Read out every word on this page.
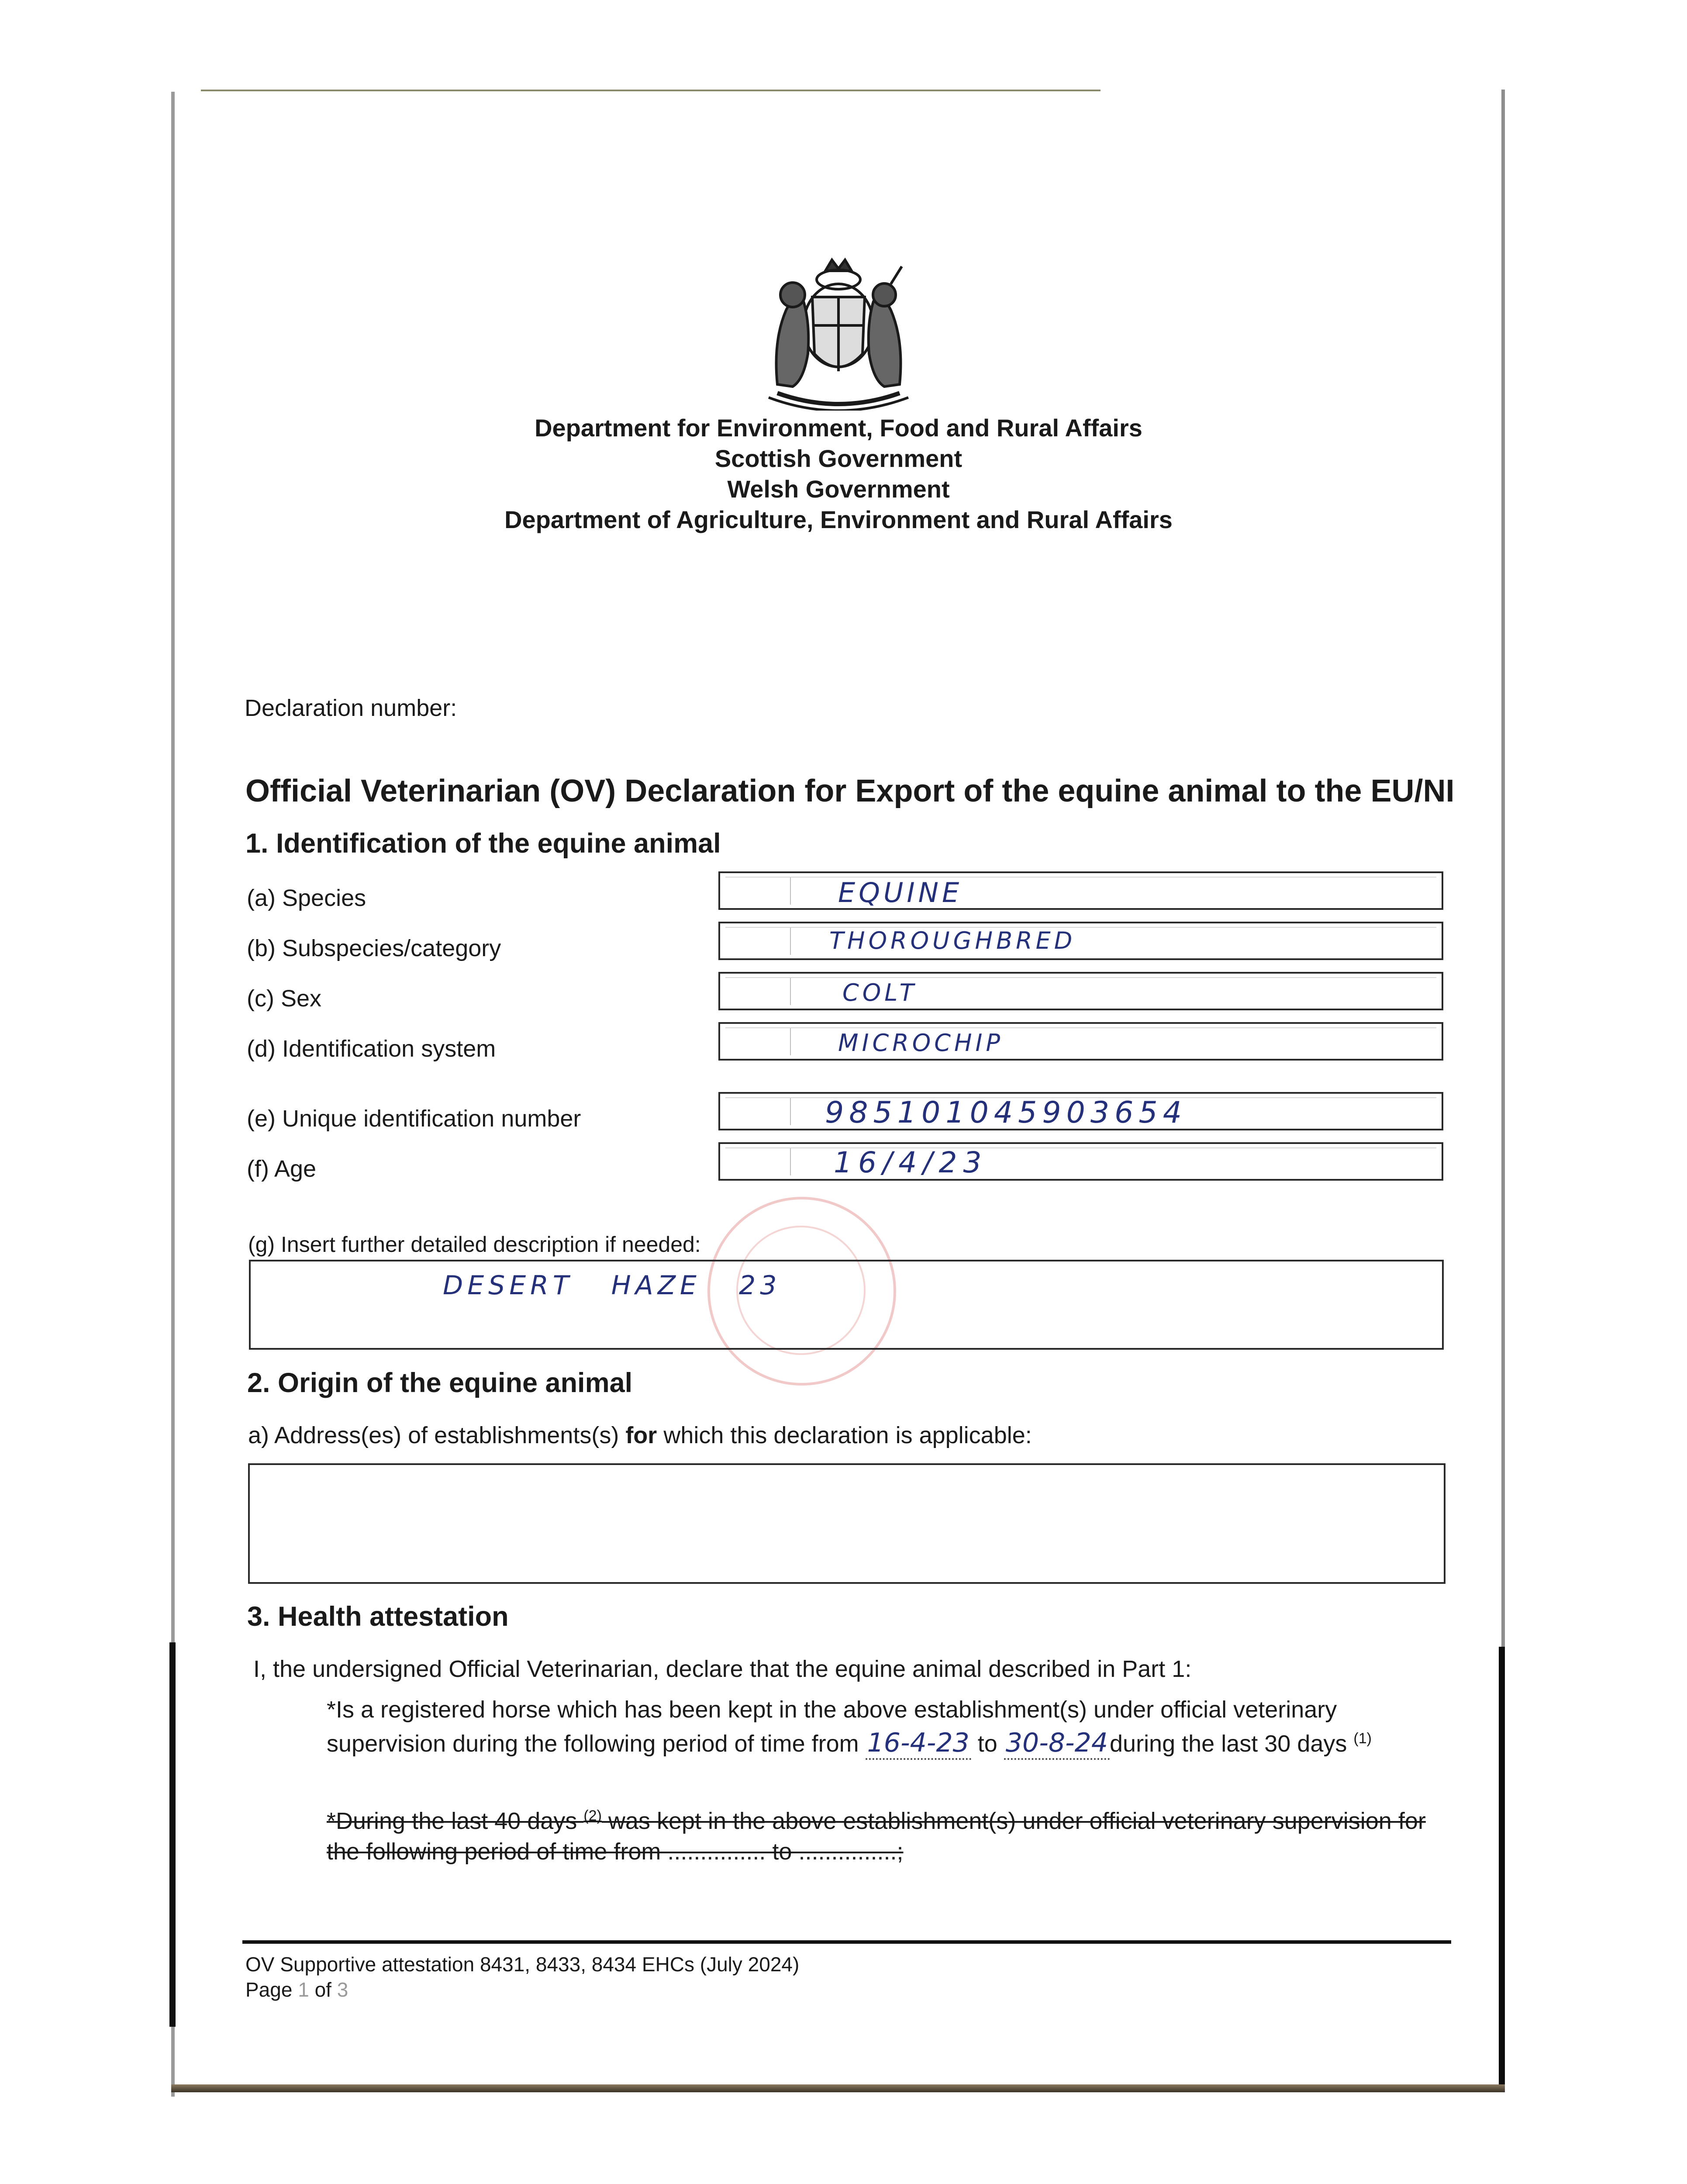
Department for Environment, Food and Rural Affairs
Scottish Government
Welsh Government
Department of Agriculture, Environment and Rural Affairs
Declaration number:
Official Veterinarian (OV) Declaration for Export of the equine animal to the EU/NI
1. Identification of the equine animal
(a) Species	EQUINE
(b) Subspecies/category	THOROUGHBRED
(c) Sex	COLT
(d) Identification system	MICROCHIP
(e) Unique identification number	985101045903654
(f) Age	16/4/23
(g) Insert further detailed description if needed:
DESERT   HAZE   23
2. Origin of the equine animal
a) Address(es) of establishments(s) for which this declaration is applicable:
3. Health attestation
I, the undersigned Official Veterinarian, declare that the equine animal described in Part 1:
*Is a registered horse which has been kept in the above establishment(s) under official veterinary
supervision during the following period of time from 16-4-23 to 30-8-24during the last 30 days $^{(1)}$
*During the last 40 days $^{(2)}$ was kept in the above establishment(s) under official veterinary supervision for
the following period of time from ............... to ...............;
OV Supportive attestation 8431, 8433, 8434 EHCs (July 2024)
Page 1 of 3
